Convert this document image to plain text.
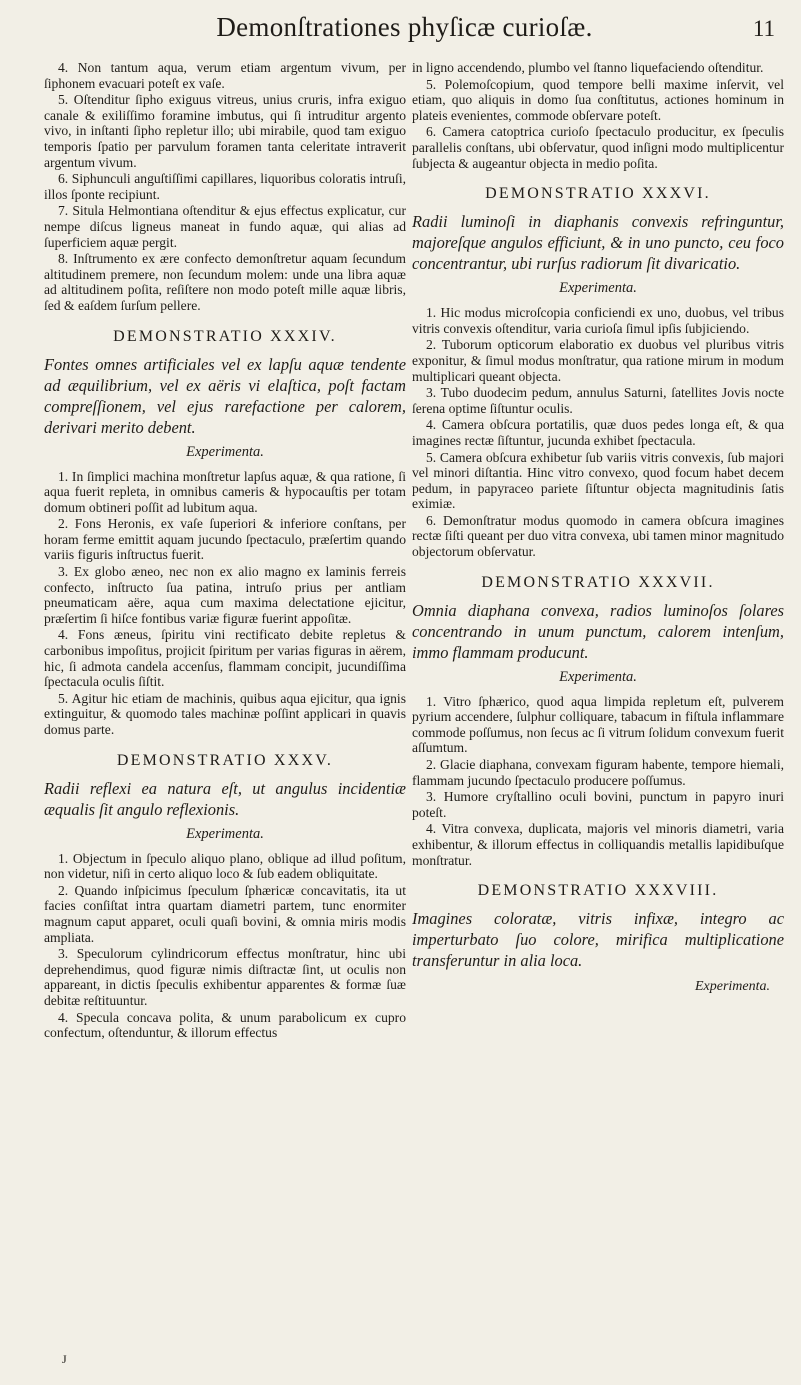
Demonſtrationes phyſicæ curioſæ.	11

4. Non tantum aqua, verum etiam argentum vivum, per ſiphonem evacuari poteſt ex vaſe.

5. Oſtenditur ſipho exiguus vitreus, unius cruris, infra exiguo canale & exiliſſimo foramine imbutus, qui ſi intruditur argento vivo, in inſtanti ſipho repletur illo; ubi mirabile, quod tam exiguo temporis ſpatio per parvulum foramen tanta celeritate intraverit argentum vivum.

6. Siphunculi anguſtiſſimi capillares, liquoribus coloratis intruſi, illos ſponte recipiunt.

7. Situla Helmontiana oſtenditur & ejus effectus explicatur, cur nempe diſcus ligneus maneat in fundo aquæ, qui alias ad ſuperficiem aquæ pergit.

8. Inſtrumento ex ære confecto demonſtretur aquam ſecundum altitudinem premere, non ſecundum molem: unde una libra aquæ ad altitudinem poſita, reſiſtere non modo poteſt mille aquæ libris, ſed & eaſdem ſurſum pellere.

DEMONSTRATIO XXXIV.

Fontes omnes artificiales vel ex lapſu aquæ tendente ad æquilibrium, vel ex aëris vi elaſtica, poſt factam compreſſionem, vel ejus rarefactione per calorem, derivari merito debent.

Experimenta.

1. In ſimplici machina monſtretur lapſus aquæ, & qua ratione, ſi aqua fuerit repleta, in omnibus cameris & hypocauſtis per totam domum obtineri poſſit ad lubitum aqua.

2. Fons Heronis, ex vaſe ſuperiori & inferiore conſtans, per horam ferme emittit aquam jucundo ſpectaculo, præſertim quando variis figuris inſtructus fuerit.

3. Ex globo æneo, nec non ex alio magno ex laminis ferreis confecto, inſtructo ſua patina, intruſo prius per antliam pneumaticam aëre, aqua cum maxima delectatione ejicitur, præſertim ſi hiſce fontibus variæ figuræ fuerint appoſitæ.

4. Fons æneus, ſpiritu vini rectificato debite repletus & carbonibus impoſitus, projicit ſpiritum per varias figuras in aërem, hic, ſi admota candela accenſus, flammam concipit, jucundiſſima ſpectacula oculis ſiſtit.

5. Agitur hic etiam de machinis, quibus aqua ejicitur, qua ignis extinguitur, & quomodo tales machinæ poſſint applicari in quavis domus parte.

DEMONSTRATIO XXXV.

Radii reflexi ea natura eſt, ut angulus incidentiæ æqualis ſit angulo reflexionis.

Experimenta.

1. Objectum in ſpeculo aliquo plano, oblique ad illud poſitum, non videtur, niſi in certo aliquo loco & ſub eadem obliquitate.

2. Quando inſpicimus ſpeculum ſphæricæ concavitatis, ita ut facies conſiſtat intra quartam diametri partem, tunc enormiter magnum caput apparet, oculi quaſi bovini, & omnia miris modis ampliata.

3. Speculorum cylindricorum effectus monſtratur, hinc ubi deprehendimus, quod figuræ nimis diſtractæ ſint, ut oculis non appareant, in dictis ſpeculis exhibentur apparentes & formæ ſuæ debitæ reſtituuntur.

4. Specula concava polita, & unum parabolicum ex cupro confectum, oſtenduntur, & illorum effectus

in ligno accendendo, plumbo vel ſtanno liquefaciendo oſtenditur.

5. Polemoſcopium, quod tempore belli maxime inſervit, vel etiam, quo aliquis in domo ſua conſtitutus, actiones hominum in plateis evenientes, commode obſervare poteſt.

6. Camera catoptrica curioſo ſpectaculo producitur, ex ſpeculis parallelis conſtans, ubi obſervatur, quod inſigni modo multiplicentur ſubjecta & augeantur objecta in medio poſita.

DEMONSTRATIO XXXVI.

Radii luminoſi in diaphanis convexis refringuntur, majoreſque angulos efficiunt, & in uno puncto, ceu foco concentrantur, ubi rurſus radiorum ſit divaricatio.

Experimenta.

1. Hic modus microſcopia conficiendi ex uno, duobus, vel tribus vitris convexis oſtenditur, varia curioſa ſimul ipſis ſubjiciendo.

2. Tuborum opticorum elaboratio ex duobus vel pluribus vitris exponitur, & ſimul modus monſtratur, qua ratione mirum in modum multiplicari queant objecta.

3. Tubo duodecim pedum, annulus Saturni, ſatellites Jovis nocte ſerena optime ſiſtuntur oculis.

4. Camera obſcura portatilis, quæ duos pedes longa eſt, & qua imagines rectæ ſiſtuntur, jucunda exhibet ſpectacula.

5. Camera obſcura exhibetur ſub variis vitris convexis, ſub majori vel minori diſtantia. Hinc vitro convexo, quod focum habet decem pedum, in papyraceo pariete ſiſtuntur objecta magnitudinis ſatis eximiæ.

6. Demonſtratur modus quomodo in camera obſcura imagines rectæ ſiſti queant per duo vitra convexa, ubi tamen minor magnitudo objectorum obſervatur.

DEMONSTRATIO XXXVII.

Omnia diaphana convexa, radios luminoſos ſolares concentrando in unum punctum, calorem intenſum, immo flammam producunt.

Experimenta.

1. Vitro ſphærico, quod aqua limpida repletum eſt, pulverem pyrium accendere, ſulphur colliquare, tabacum in fiſtula inflammare commode poſſumus, non ſecus ac ſi vitrum ſolidum convexum fuerit aſſumtum.

2. Glacie diaphana, convexam figuram habente, tempore hiemali, flammam jucundo ſpectaculo producere poſſumus.

3. Humore cryſtallino oculi bovini, punctum in papyro inuri poteſt.

4. Vitra convexa, duplicata, majoris vel minoris diametri, varia exhibentur, & illorum effectus in colliquandis metallis lapidibuſque monſtratur.

DEMONSTRATIO XXXVIII.

Imagines coloratæ, vitris infixæ, integro ac imperturbato ſuo colore, mirifica multiplicatione transferuntur in alia loca.

Experimenta.
J
